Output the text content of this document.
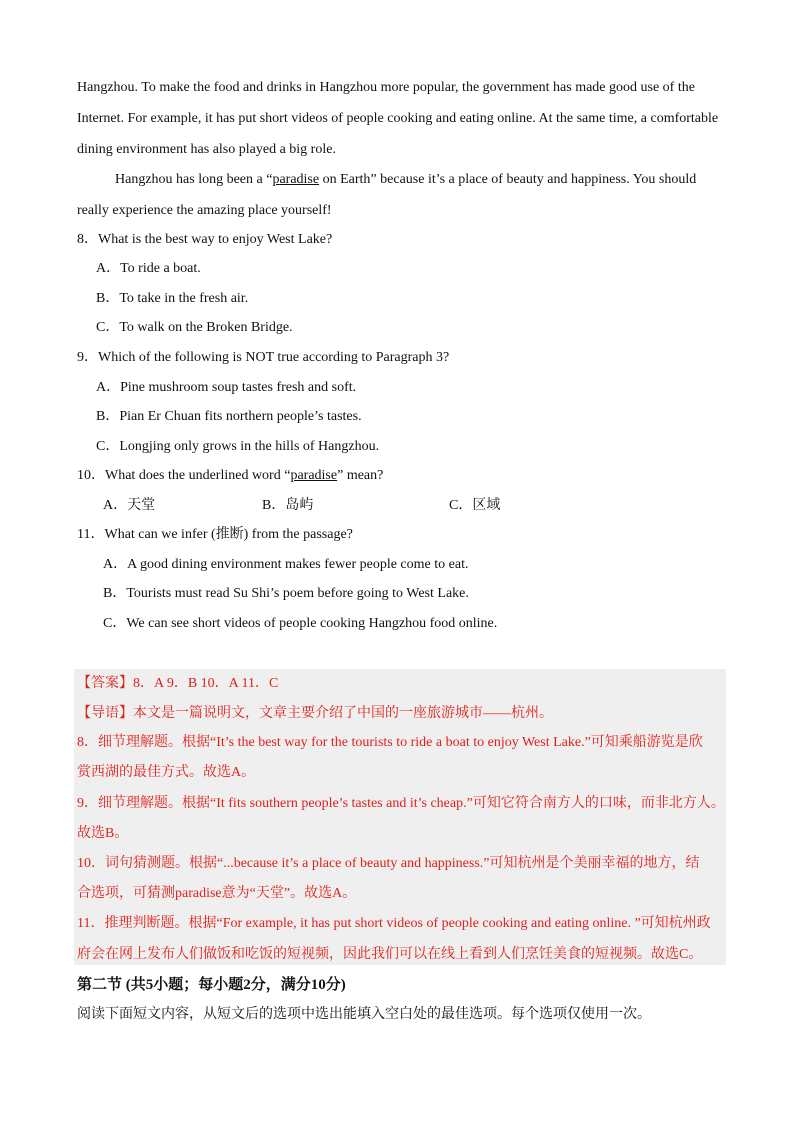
Hangzhou. To make the food and drinks in Hangzhou more popular, the government has made good use of the
Internet. For example, it has put short videos of people cooking and eating online. At the same time, a comfortable
dining environment has also played a big role.
Hangzhou has long been a “paradise on Earth” because it’s a place of beauty and happiness. You should
really experience the amazing place yourself!
8．What is the best way to enjoy West Lake?
A．To ride a boat.
B．To take in the fresh air.
C．To walk on the Broken Bridge.
9．Which of the following is NOT true according to Paragraph 3?
A．Pine mushroom soup tastes fresh and soft.
B．Pian Er Chuan fits northern people’s tastes.
C．Longjing only grows in the hills of Hangzhou.
10．What does the underlined word “paradise” mean?
A．天堂	B．岛屿	C．区域
11．What can we infer (推断) from the passage?
A．A good dining environment makes fewer people come to eat.
B．Tourists must read Su Shi’s poem before going to West Lake.
C．We can see short videos of people cooking Hangzhou food online.
【答案】8．A 9．B 10．A 11．C
【导语】本文是一篇说明文，文章主要介绍了中国的一座旅游城市——杭州。
8．细节理解题。根据“It’s the best way for the tourists to ride a boat to enjoy West Lake.”可知乘船游览是欣
赏西湖的最佳方式。故选A。
9．细节理解题。根据“It fits southern people’s tastes and it’s cheap.”可知它符合南方人的口味，而非北方人。
故选B。
10．词句猜测题。根据“...because it’s a place of beauty and happiness.”可知杭州是个美丽幸福的地方，结
合选项，可猜测paradise意为“天堂”。故选A。
11．推理判断题。根据“For example, it has put short videos of people cooking and eating online. ”可知杭州政
府会在网上发布人们做饭和吃饭的短视频，因此我们可以在线上看到人们烹饪美食的短视频。故选C。
第二节 (共5小题；每小题2分，满分10分)
阅读下面短文内容，从短文后的选项中选出能填入空白处的最佳选项。每个选项仅使用一次。
